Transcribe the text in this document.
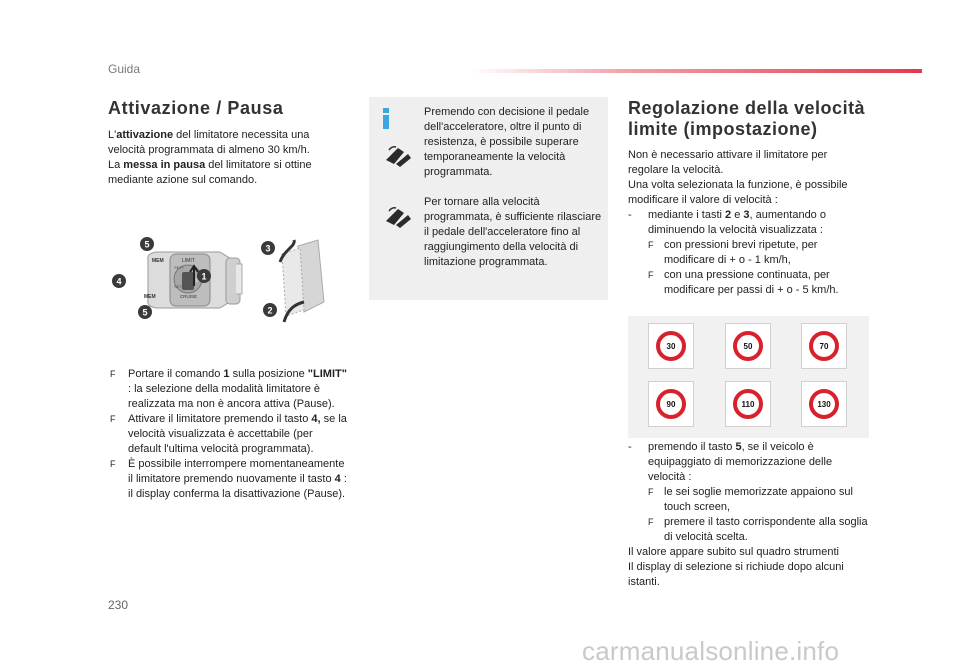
Guida
Attivazione / Pausa
L'attivazione del limitatore necessita una velocità programmata di almeno 30 km/h.
La messa in pausa del limitatore si ottine mediante azione sul comando.
LIMIT
CRUISE
SET+
SET-
0
MEM
MEM
5
4
5
1
3
2
F Portare il comando 1 sulla posizione "LIMIT" : la selezione della modalità limitatore è realizzata ma non è ancora attiva (Pause).
F Attivare il limitatore premendo il tasto 4, se la velocità visualizzata è accettabile (per default l'ultima velocità programmata).
F È possibile interrompere momentaneamente il limitatore premendo nuovamente il tasto 4 : il display conferma la disattivazione (Pause).
Premendo con decisione il pedale dell'acceleratore, oltre il punto di resistenza, è possibile superare temporaneamente la velocità programmata.
Per tornare alla velocità programmata, è sufficiente rilasciare il pedale dell'acceleratore fino al raggiungimento della velocità di limitazione programmata.
Regolazione della velocità limite (impostazione)
Non è necessario attivare il limitatore per regolare la velocità.
Una volta selezionata la funzione, è possibile modificare il valore di velocità :
- mediante i tasti 2 e 3, aumentando o diminuendo la velocità visualizzata :
F con pressioni brevi ripetute, per modificare di + o - 1 km/h,
F con una pressione continuata, per modificare per passi di + o - 5 km/h.
30	50	70
90	110	130
- premendo il tasto 5, se il veicolo è equipaggiato di memorizzazione delle velocità :
F le sei soglie memorizzate appaiono sul touch screen,
F premere il tasto corrispondente alla soglia di velocità scelta.
Il valore appare subito sul quadro strumenti
Il display di selezione si richiude dopo alcuni istanti.
230
carmanualsonline.info
